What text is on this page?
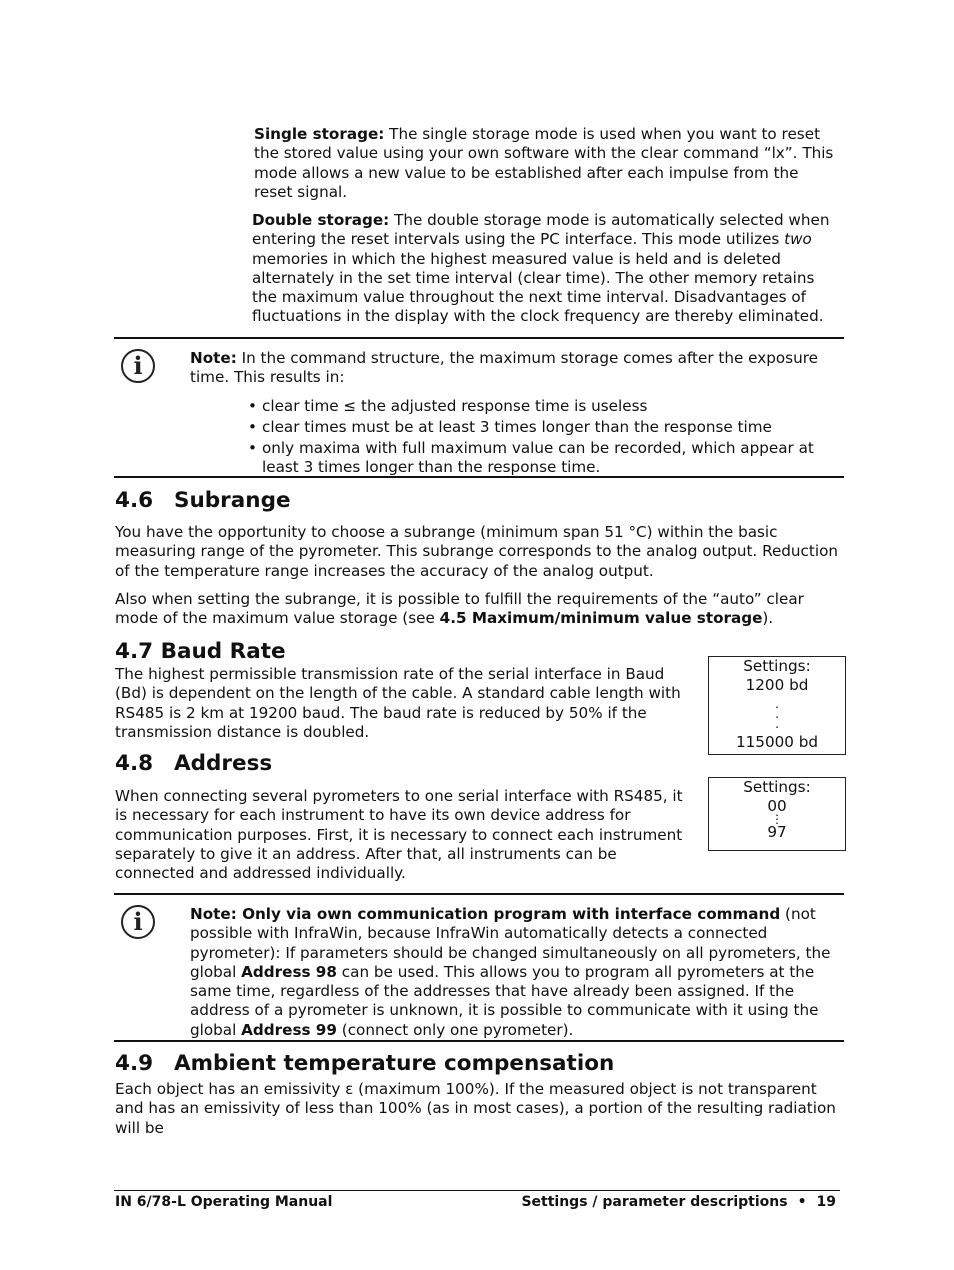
Single storage: The single storage mode is used when you want to reset the stored value using your own software with the clear command “lx”. This mode allows a new value to be established after each impulse from the reset signal.

Double storage: The double storage mode is automatically selected when entering the reset intervals using the PC interface. This mode utilizes two memories in which the highest measured value is held and is deleted alternately in the set time interval (clear time). The other memory retains the maximum value throughout the next time interval. Disadvantages of fluctuations in the display with the clock frequency are thereby eliminated.

i	Note: In the command structure, the maximum storage comes after the exposure time. This results in:

• clear time ≤ the adjusted response time is useless
• clear times must be at least 3 times longer than the response time
• only maxima with full maximum value can be recorded, which appear at least 3 times longer than the response time.
4.6 Subrange

You have the opportunity to choose a subrange (minimum span 51 °C) within the basic measuring range of the pyrometer. This subrange corresponds to the analog output. Reduction of the temperature range increases the accuracy of the analog output.

Also when setting the subrange, it is possible to fulfill the requirements of the “auto” clear mode of the maximum value storage (see 4.5 Maximum/minimum value storage).

4.7 Baud Rate

The highest permissible transmission rate of the serial interface in Baud (Bd) is dependent on the length of the cable. A standard cable length with RS485 is 2 km at 19200 baud. The baud rate is reduced by 50% if the transmission distance is doubled.

Settings:
1200 bd
.
.
.
115000 bd
4.8 Address

When connecting several pyrometers to one serial interface with RS485, it is necessary for each instrument to have its own device address for communication purposes. First, it is necessary to connect each instrument separately to give it an address. After that, all instruments can be connected and addressed individually.

Settings:
00
⋮
97
i	Note: Only via own communication program with interface command (not possible with InfraWin, because InfraWin automatically detects a connected pyrometer): If parameters should be changed simultaneously on all pyrometers, the global Address 98 can be used. This allows you to program all pyrometers at the same time, regardless of the addresses that have already been assigned. If the address of a pyrometer is unknown, it is possible to communicate with it using the global Address 99 (connect only one pyrometer).

4.9 Ambient temperature compensation

Each object has an emissivity ε (maximum 100%). If the measured object is not transparent and has an emissivity of less than 100% (as in most cases), a portion of the resulting radiation will be

IN 6/78-L Operating Manual	Settings / parameter descriptions • 19
